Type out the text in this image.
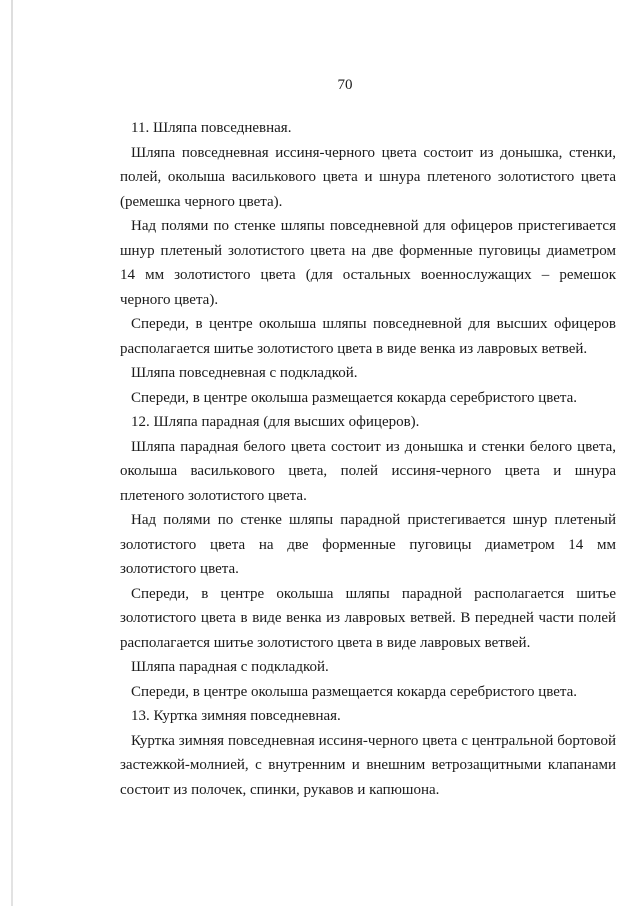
70

11. Шляпа повседневная.

Шляпа повседневная иссиня-черного цвета состоит из донышка, стенки, полей, околыша василькового цвета и шнура плетеного золотистого цвета (ремешка черного цвета).

Над полями по стенке шляпы повседневной для офицеров пристегивается шнур плетеный золотистого цвета на две форменные пуговицы диаметром 14 мм золотистого цвета (для остальных военнослужащих – ремешок черного цвета).

Спереди, в центре околыша шляпы повседневной для высших офицеров располагается шитье золотистого цвета в виде венка из лавровых ветвей.

Шляпа повседневная с подкладкой.

Спереди, в центре околыша размещается кокарда серебристого цвета.

12. Шляпа парадная (для высших офицеров).

Шляпа парадная белого цвета состоит из донышка и стенки белого цвета, околыша василькового цвета, полей иссиня-черного цвета и шнура плетеного золотистого цвета.

Над полями по стенке шляпы парадной пристегивается шнур плетеный золотистого цвета на две форменные пуговицы диаметром 14 мм золотистого цвета.

Спереди, в центре околыша шляпы парадной располагается шитье золотистого цвета в виде венка из лавровых ветвей. В передней части полей располагается шитье золотистого цвета в виде лавровых ветвей.

Шляпа парадная с подкладкой.

Спереди, в центре околыша размещается кокарда серебристого цвета.

13. Куртка зимняя повседневная.

Куртка зимняя повседневная иссиня-черного цвета с центральной бортовой застежкой-молнией, с внутренним и внешним ветрозащитными клапанами состоит из полочек, спинки, рукавов и капюшона.
